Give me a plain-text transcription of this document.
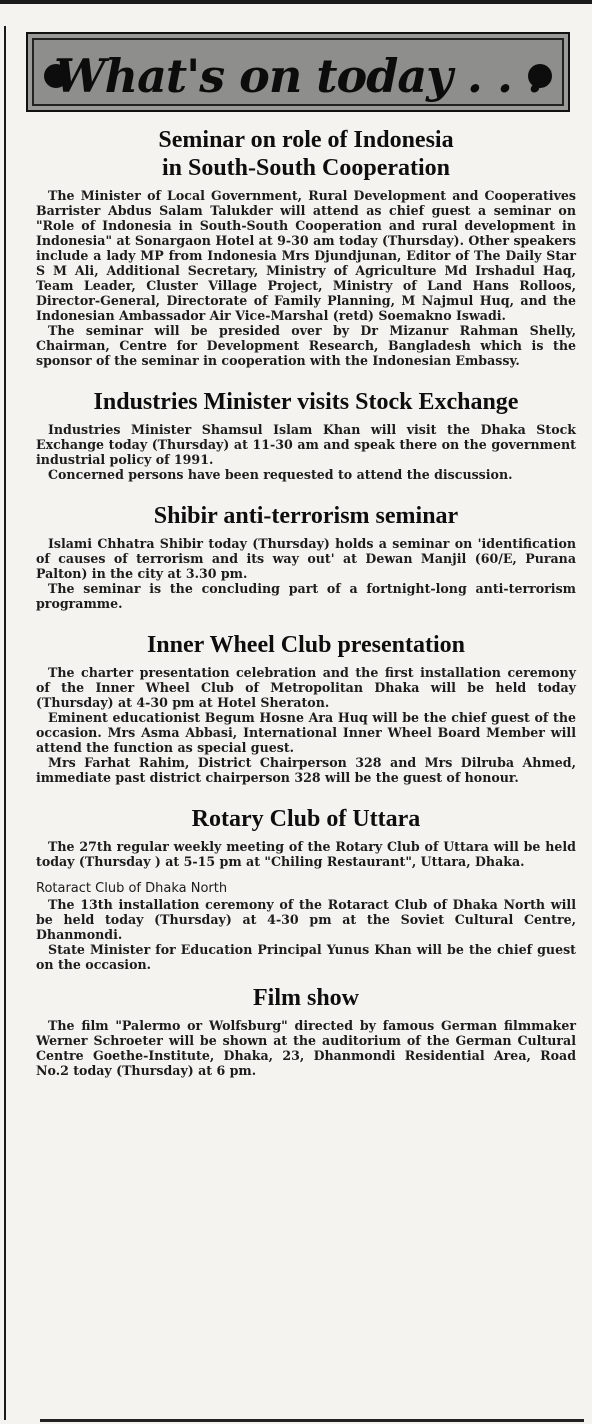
What's on today . . .
Seminar on role of Indonesia
in South-South Cooperation

The Minister of Local Government, Rural Development and Cooperatives Barrister Abdus Salam Talukder will attend as chief guest a seminar on "Role of Indonesia in South-South Cooperation and rural development in Indonesia" at Sonargaon Hotel at 9-30 am today (Thursday). Other speakers include a lady MP from Indonesia Mrs Djundjunan, Editor of The Daily Star S M Ali, Additional Secretary, Ministry of Agriculture Md Irshadul Haq, Team Leader, Cluster Village Project, Ministry of Land Hans Rolloos, Director-General, Directorate of Family Planning, M Najmul Huq, and the Indonesian Ambassador Air Vice-Marshal (retd) Soemakno Iswadi.

The seminar will be presided over by Dr Mizanur Rahman Shelly, Chairman, Centre for Development Research, Bangladesh which is the sponsor of the seminar in cooperation with the Indonesian Embassy.

Industries Minister visits Stock Exchange

Industries Minister Shamsul Islam Khan will visit the Dhaka Stock Exchange today (Thursday) at 11-30 am and speak there on the government industrial policy of 1991.

Concerned persons have been requested to attend the discussion.

Shibir anti-terrorism seminar

Islami Chhatra Shibir today (Thursday) holds a seminar on 'identification of causes of terrorism and its way out' at Dewan Manjil (60/E, Purana Palton) in the city at 3.30 pm.

The seminar is the concluding part of a fortnight-long anti-terrorism programme.

Inner Wheel Club presentation

The charter presentation celebration and the first installation ceremony of the Inner Wheel Club of Metropolitan Dhaka will be held today (Thursday) at 4-30 pm at Hotel Sheraton.

Eminent educationist Begum Hosne Ara Huq will be the chief guest of the occasion. Mrs Asma Abbasi, International Inner Wheel Board Member will attend the function as special guest.

Mrs Farhat Rahim, District Chairperson 328 and Mrs Dilruba Ahmed, immediate past district chairperson 328 will be the guest of honour.

Rotary Club of Uttara

The 27th regular weekly meeting of the Rotary Club of Uttara will be held today (Thursday ) at 5-15 pm at "Chiling Restaurant", Uttara, Dhaka.

Rotaract Club of Dhaka North

The 13th installation ceremony of the Rotaract Club of Dhaka North will be held today (Thursday) at 4-30 pm at the Soviet Cultural Centre, Dhanmondi.

State Minister for Education Principal Yunus Khan will be the chief guest on the occasion.

Film show

The film "Palermo or Wolfsburg" directed by famous German filmmaker Werner Schroeter will be shown at the auditorium of the German Cultural Centre Goethe-Institute, Dhaka, 23, Dhanmondi Residential Area, Road No.2 today (Thursday) at 6 pm.
